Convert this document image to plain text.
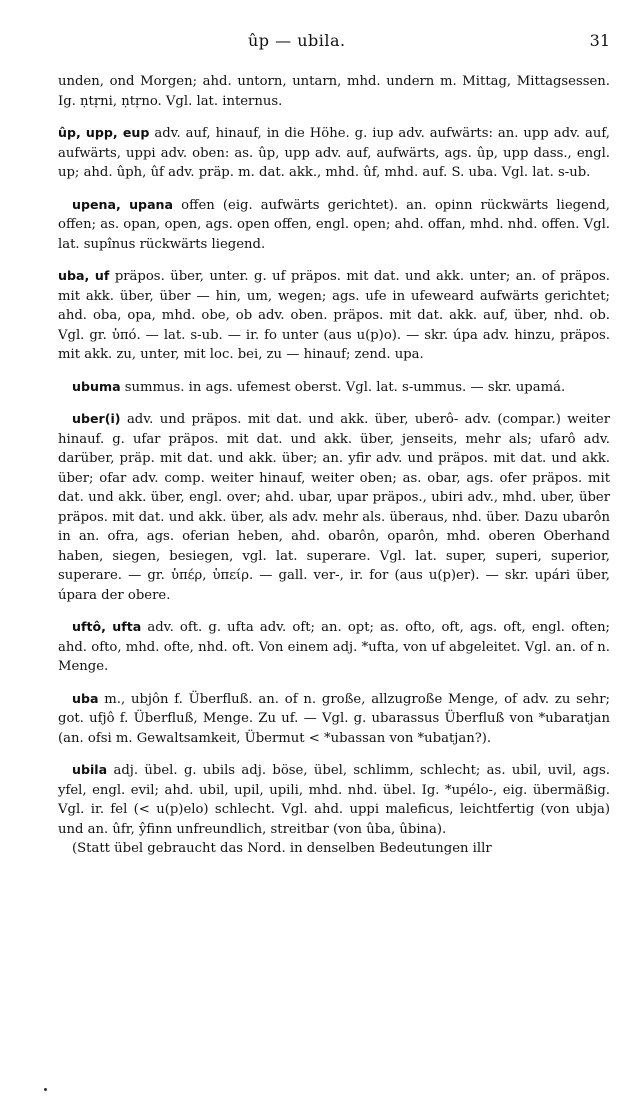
ûp — ubila.	31

unden, ond Morgen; ahd. untorn, untarn, mhd. undern m. Mittag, Mittagsessen. Ig. ṇtṛni, ṇtṛno. Vgl. lat. internus.

ûp, upp, eup adv. auf, hinauf, in die Höhe. g. iup adv. aufwärts: an. upp adv. auf, aufwärts, uppi adv. oben: as. ûp, upp adv. auf, aufwärts, ags. ûp, upp dass., engl. up; ahd. ûph, ûf adv. präp. m. dat. akk., mhd. ûf, mhd. auf. S. uba. Vgl. lat. s-ub.

upena, upana offen (eig. aufwärts gerichtet). an. opinn rückwärts liegend, offen; as. opan, open, ags. open offen, engl. open; ahd. offan, mhd. nhd. offen. Vgl. lat. supînus rückwärts liegend.

uba, uf präpos. über, unter. g. uf präpos. mit dat. und akk. unter; an. of präpos. mit akk. über, über — hin, um, wegen; ags. ufe in ufeweard aufwärts gerichtet; ahd. oba, opa, mhd. obe, ob adv. oben. präpos. mit dat. akk. auf, über, nhd. ob. Vgl. gr. ὑπό. — lat. s-ub. — ir. fo unter (aus u(p)o). — skr. úpa adv. hinzu, präpos. mit akk. zu, unter, mit loc. bei, zu — hinauf; zend. upa.

ubuma summus. in ags. ufemest oberst. Vgl. lat. s-ummus. — skr. upamá.

uber(i) adv. und präpos. mit dat. und akk. über, uberô- adv. (compar.) weiter hinauf. g. ufar präpos. mit dat. und akk. über, jenseits, mehr als; ufarô adv. darüber, präp. mit dat. und akk. über; an. yfir adv. und präpos. mit dat. und akk. über; ofar adv. comp. weiter hinauf, weiter oben; as. obar, ags. ofer präpos. mit dat. und akk. über, engl. over; ahd. ubar, upar präpos., ubiri adv., mhd. uber, über präpos. mit dat. und akk. über, als adv. mehr als. überaus, nhd. über. Dazu ubarôn in an. ofra, ags. oferian heben, ahd. obarôn, oparôn, mhd. oberen Oberhand haben, siegen, besiegen, vgl. lat. superare. Vgl. lat. super, superi, superior, superare. — gr. ὑπέρ, ὑπείρ. — gall. ver-, ir. for (aus u(p)er). — skr. upári über, úpara der obere.

uftô, ufta adv. oft. g. ufta adv. oft; an. opt; as. ofto, oft, ags. oft, engl. often; ahd. ofto, mhd. ofte, nhd. oft. Von einem adj. *ufta, von uf abgeleitet. Vgl. an. of n. Menge.

uba m., ubjôn f. Überfluß. an. of n. große, allzugroße Menge, of adv. zu sehr; got. ufjô f. Überfluß, Menge. Zu uf. — Vgl. g. ubarassus Überfluß von *ubaratjan (an. ofsi m. Gewaltsamkeit, Übermut < *ubassan von *ubatjan?).

ubila adj. übel. g. ubils adj. böse, übel, schlimm, schlecht; as. ubil, uvil, ags. yfel, engl. evil; ahd. ubil, upil, upili, mhd. nhd. übel. Ig. *upélo-, eig. übermäßig. Vgl. ir. fel (< u(p)elo) schlecht. Vgl. ahd. uppi maleficus, leichtfertig (von ubja) und an. ûfr, ŷfinn unfreundlich, streitbar (von ûba, ûbina).

(Statt übel gebraucht das Nord. in denselben Bedeutungen illr
